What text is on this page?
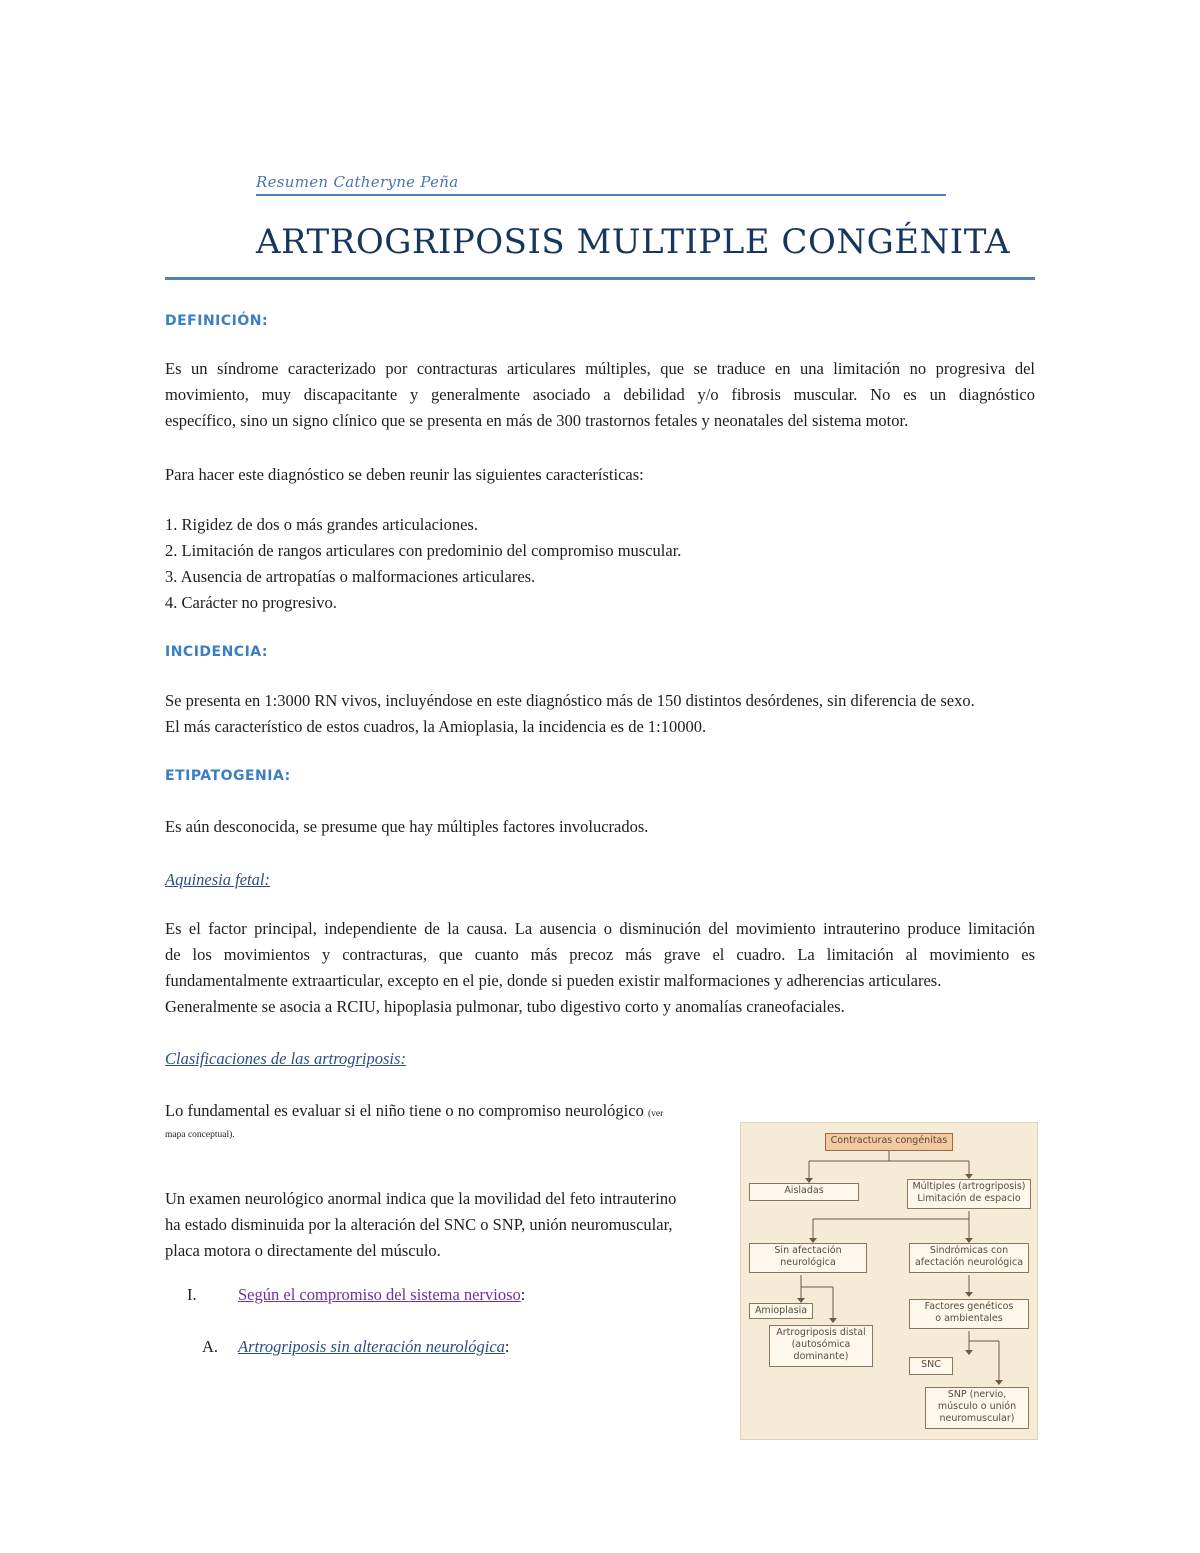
Resumen Catheryne Peña
ARTROGRIPOSIS MULTIPLE CONGÉNITA
DEFINICIÓN:
Es un síndrome caracterizado por contracturas articulares múltiples, que se traduce en una limitación no progresiva del
movimiento, muy discapacitante y generalmente asociado a debilidad y/o fibrosis muscular. No es un diagnóstico
específico, sino un signo clínico que se presenta en más de 300 trastornos fetales y neonatales del sistema motor.
Para hacer este diagnóstico se deben reunir las siguientes características:
1. Rigidez de dos o más grandes articulaciones.
2. Limitación de rangos articulares con predominio del compromiso muscular.
3. Ausencia de artropatías o malformaciones articulares.
4. Carácter no progresivo.
INCIDENCIA:
Se presenta en 1:3000 RN vivos, incluyéndose en este diagnóstico más de 150 distintos desórdenes, sin diferencia de sexo.
El más característico de estos cuadros, la Amioplasia, la incidencia es de 1:10000.
ETIPATOGENIA:
Es aún desconocida, se presume que hay múltiples factores involucrados.
Aquinesia fetal:
Es el factor principal, independiente de la causa. La ausencia o disminución del movimiento intrauterino produce limitación
de los movimientos y contracturas, que cuanto más precoz más grave el cuadro. La limitación al movimiento es
fundamentalmente extraarticular, excepto en el pie, donde si pueden existir malformaciones y adherencias articulares.
Generalmente se asocia a RCIU, hipoplasia pulmonar, tubo digestivo corto y anomalías craneofaciales.
Clasificaciones de las artrogriposis:
Lo fundamental es evaluar si el niño tiene o no compromiso neurológico (ver
mapa conceptual).
Un examen neurológico anormal indica que la movilidad del feto intrauterino
ha estado disminuida por la alteración del SNC o SNP, unión neuromuscular,
placa motora o directamente del músculo.
I.	Según el compromiso del sistema nervioso:
A. Artrogriposis sin alteración neurológica:
Contracturas congénitas
Aisladas	Múltiples (artrogriposis)
Limitación de espacio
Sin afectación
neurológica
Sindrómicas con
afectación neurológica
Amioplasia	Factores genéticos
o ambientales
Artrogriposis distal
(autosómica
dominante)
SNC
SNP (nervio,
músculo o unión
neuromuscular)
